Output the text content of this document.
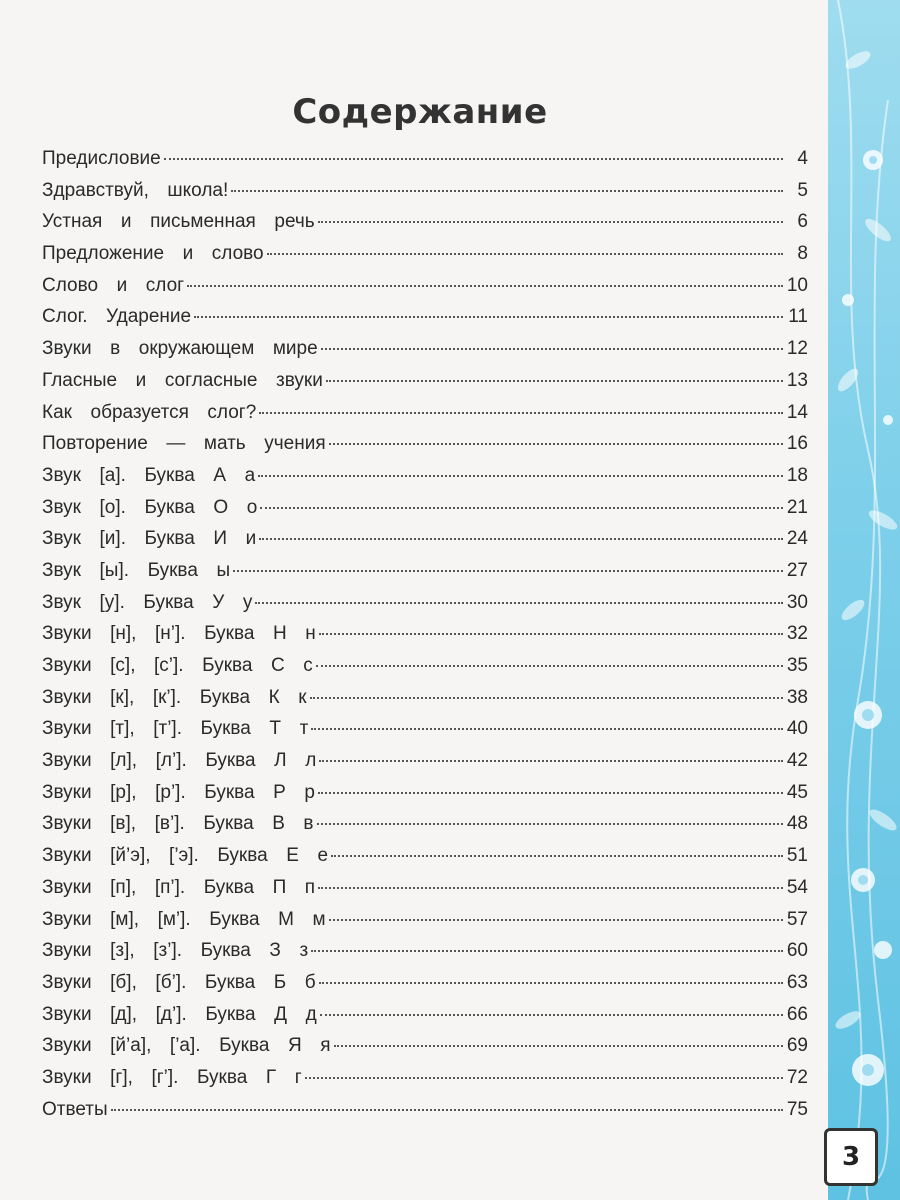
Содержание
Предисловие	4
Здравствуй,  школа!	5
Устная  и  письменная  речь	6
Предложение  и  слово	8
Слово  и  слог	10
Слог.  Ударение	11
Звуки  в  окружающем  мире	12
Гласные  и  согласные  звуки	13
Как  образуется  слог?	14
Повторение  —  мать  учения	16
Звук  [а].  Буква  А  а	18
Звук  [о].  Буква  О  о	21
Звук  [и].  Буква  И  и	24
Звук  [ы].  Буква  ы	27
Звук  [у].  Буква  У  у	30
Звуки  [н],  [н’].  Буква  Н  н	32
Звуки  [с],  [с’].  Буква  С  с	35
Звуки  [к],  [к’].  Буква  К  к	38
Звуки  [т],  [т’].  Буква  Т  т	40
Звуки  [л],  [л’].  Буква  Л  л	42
Звуки  [р],  [р’].  Буква  Р  р	45
Звуки  [в],  [в’].  Буква  В  в	48
Звуки  [й’э],  [’э].  Буква  Е  е	51
Звуки  [п],  [п’].  Буква  П  п	54
Звуки  [м],  [м’].  Буква  М  м	57
Звуки  [з],  [з’].  Буква  З  з	60
Звуки  [б],  [б’].  Буква  Б  б	63
Звуки  [д],  [д’].  Буква  Д  д	66
Звуки  [й’а],  [’а].  Буква  Я  я	69
Звуки  [г],  [г’].  Буква  Г  г	72
Ответы	75
3
